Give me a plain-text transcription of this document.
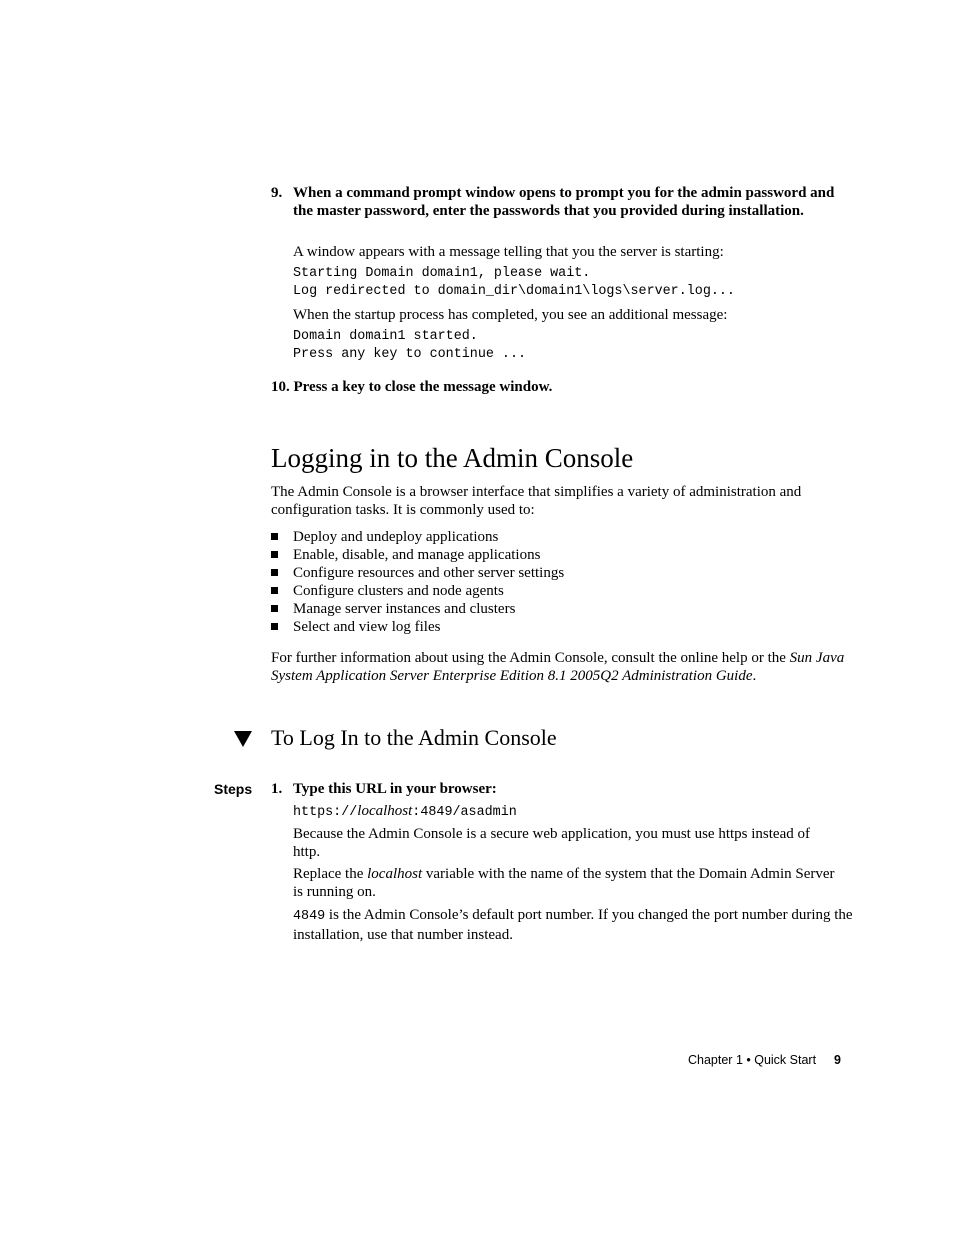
9. When a command prompt window opens to prompt you for the admin password and the master password, enter the passwords that you provided during installation.
A window appears with a message telling that you the server is starting:
Starting Domain domain1, please wait.
Log redirected to domain_dir\domain1\logs\server.log...
When the startup process has completed, you see an additional message:
Domain domain1 started.
Press any key to continue ...
10. Press a key to close the message window.
Logging in to the Admin Console
The Admin Console is a browser interface that simplifies a variety of administration and configuration tasks. It is commonly used to:
Deploy and undeploy applications
Enable, disable, and manage applications
Configure resources and other server settings
Configure clusters and node agents
Manage server instances and clusters
Select and view log files
For further information about using the Admin Console, consult the online help or the Sun Java System Application Server Enterprise Edition 8.1 2005Q2 Administration Guide.
To Log In to the Admin Console
Steps 1. Type this URL in your browser:
https://localhost:4849/asadmin
Because the Admin Console is a secure web application, you must use https instead of http.
Replace the localhost variable with the name of the system that the Domain Admin Server is running on.
4849 is the Admin Console’s default port number. If you changed the port number during the installation, use that number instead.
Chapter 1 • Quick Start 9
